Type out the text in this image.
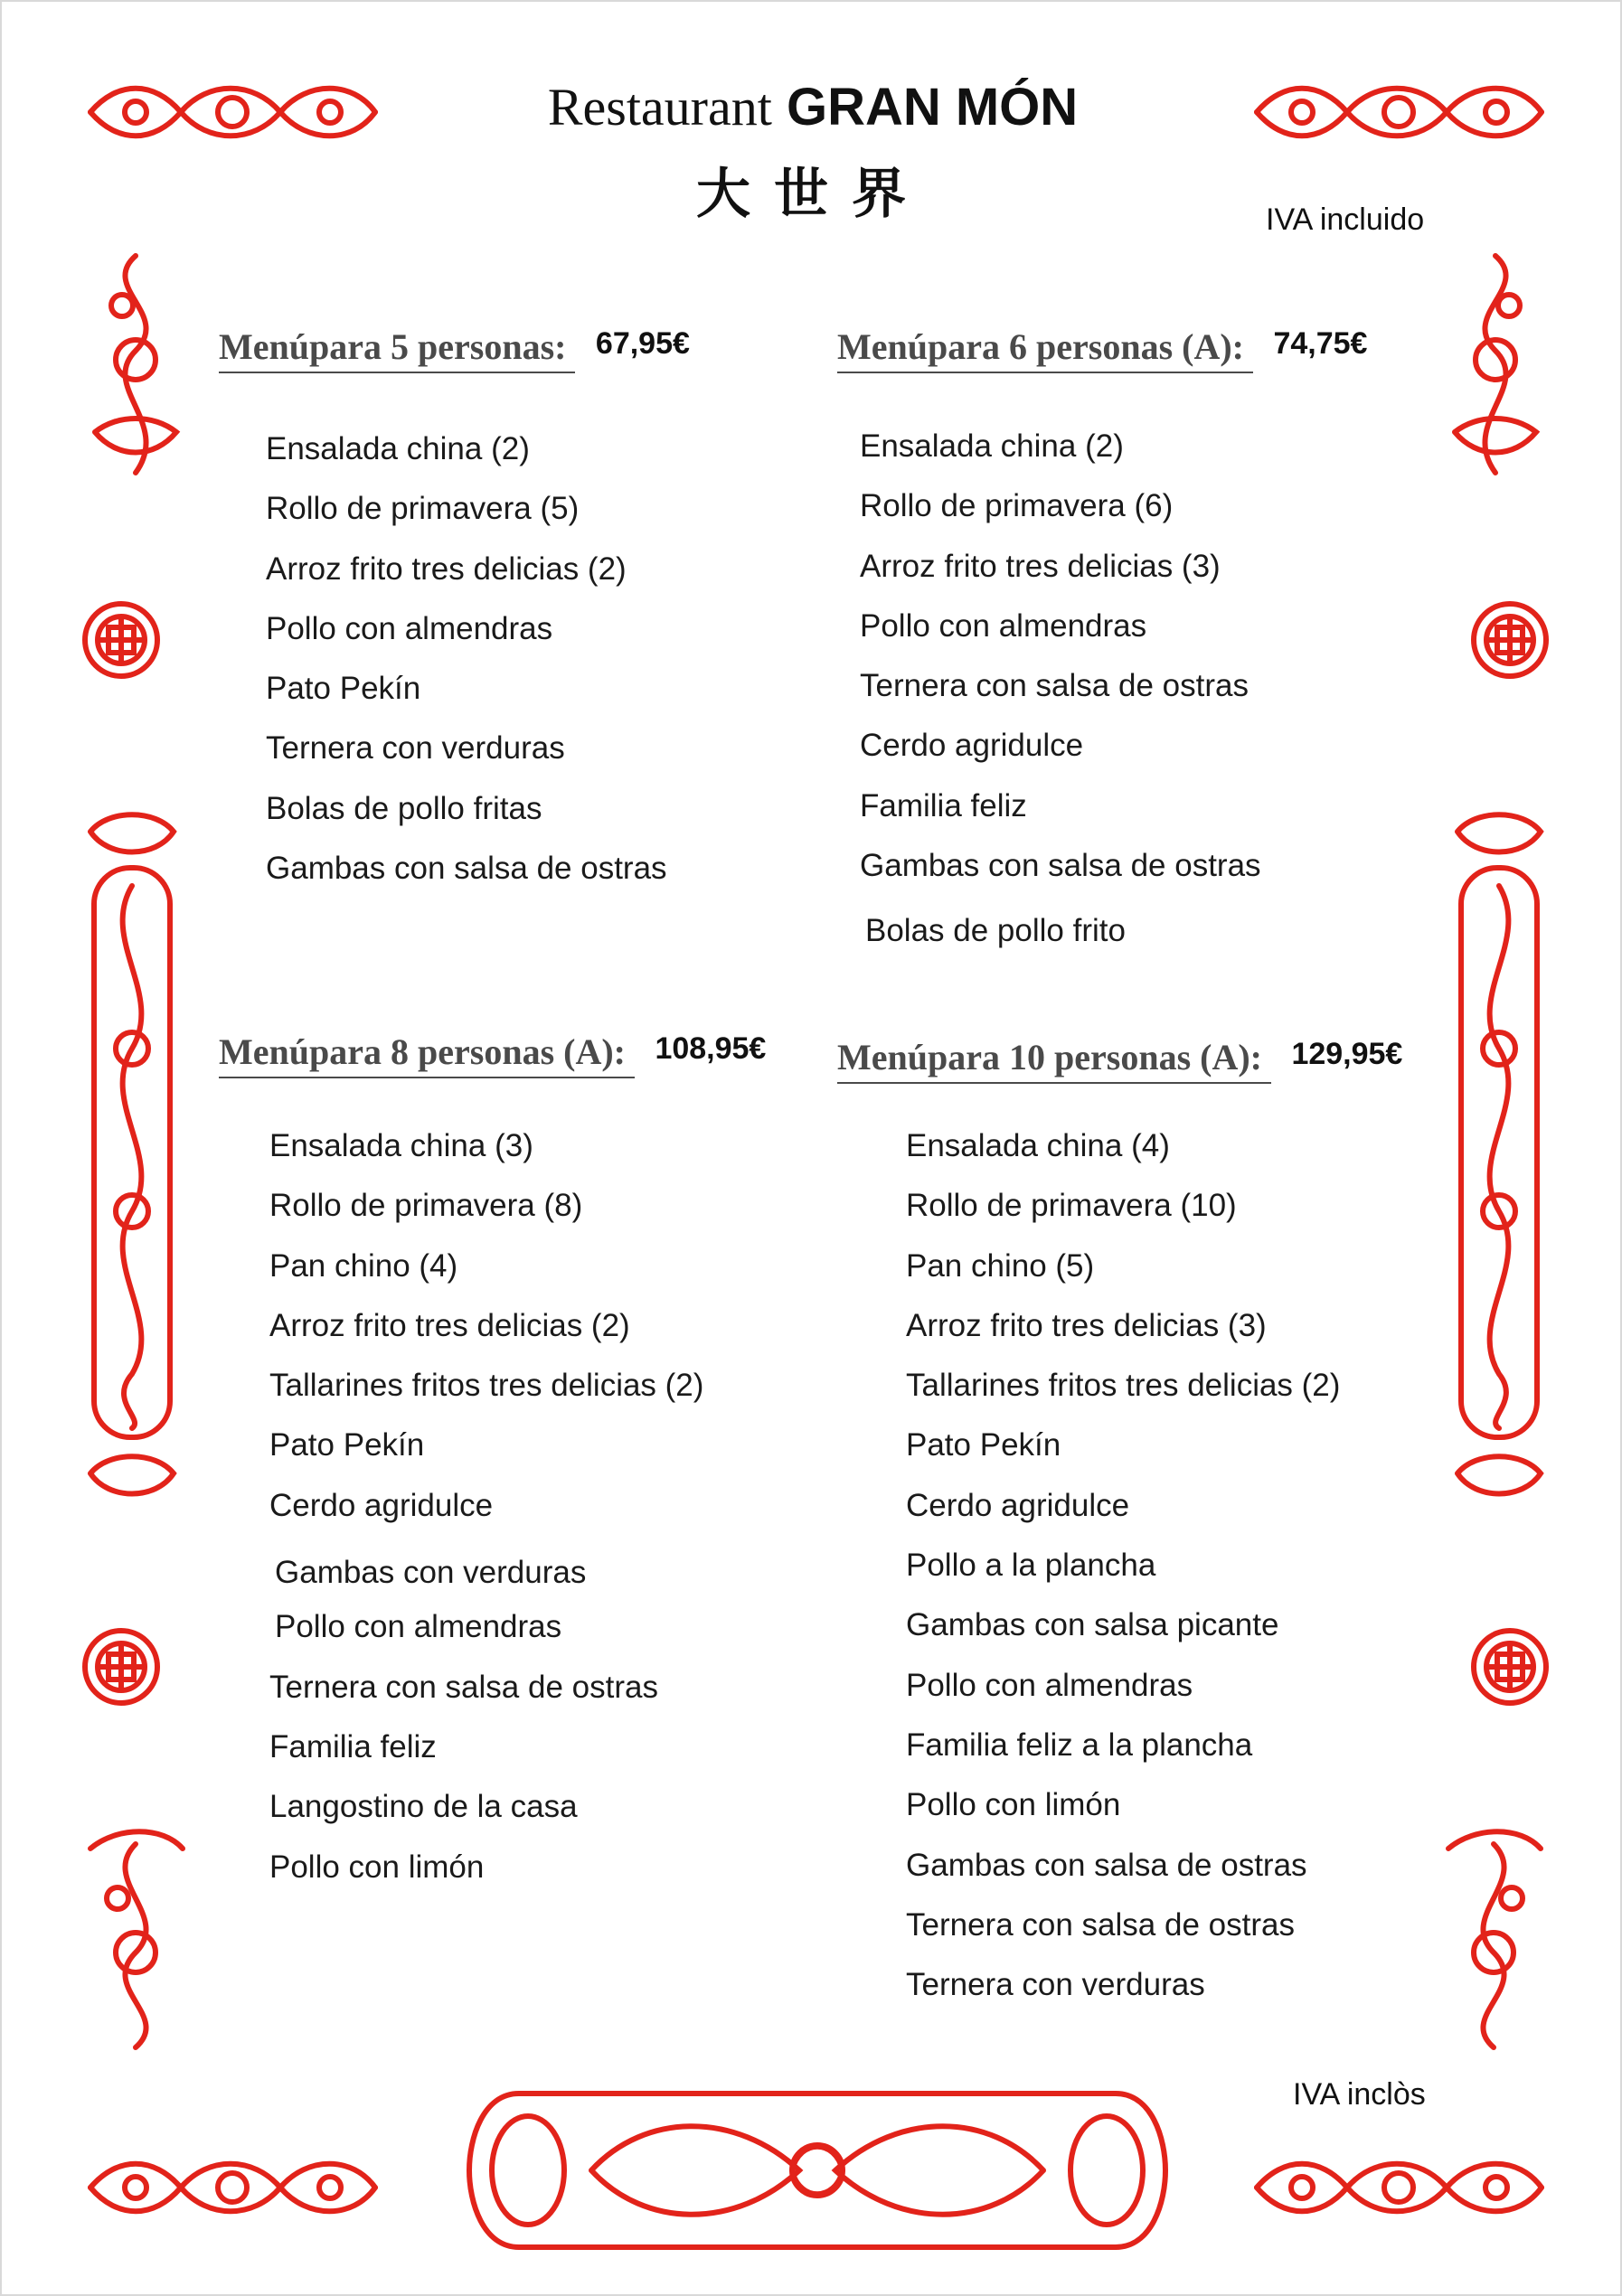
Restaurant GRAN MÓN
大世界	IVA incluido
IVA inclòs
Menúpara 5 personas: 67,95€
Ensalada china (2)
Rollo de primavera (5)
Arroz frito tres delicias (2)
Pollo con almendras
Pato Pekín
Ternera con verduras
Bolas de pollo fritas
Gambas con salsa de ostras
Menúpara 6 personas (A): 74,75€
Ensalada china (2)
Rollo de primavera (6)
Arroz frito tres delicias (3)
Pollo con almendras
Ternera con salsa de ostras
Cerdo agridulce
Familia feliz
Gambas con salsa de ostras
Bolas de pollo frito
Menúpara 8 personas (A): 108,95€
Ensalada china (3)
Rollo de primavera (8)
Pan chino (4)
Arroz frito tres delicias (2)
Tallarines fritos tres delicias (2)
Pato Pekín
Cerdo agridulce
Gambas con verduras
Pollo con almendras
Ternera con salsa de ostras
Familia feliz
Langostino de la casa
Pollo con limón
Menúpara 10 personas (A): 129,95€
Ensalada china (4)
Rollo de primavera (10)
Pan chino (5)
Arroz frito tres delicias (3)
Tallarines fritos tres delicias (2)
Pato Pekín
Cerdo agridulce
Pollo a la plancha
Gambas con salsa picante
Pollo con almendras
Familia feliz a la plancha
Pollo con limón
Gambas con salsa de ostras
Ternera con salsa de ostras
Ternera con verduras
